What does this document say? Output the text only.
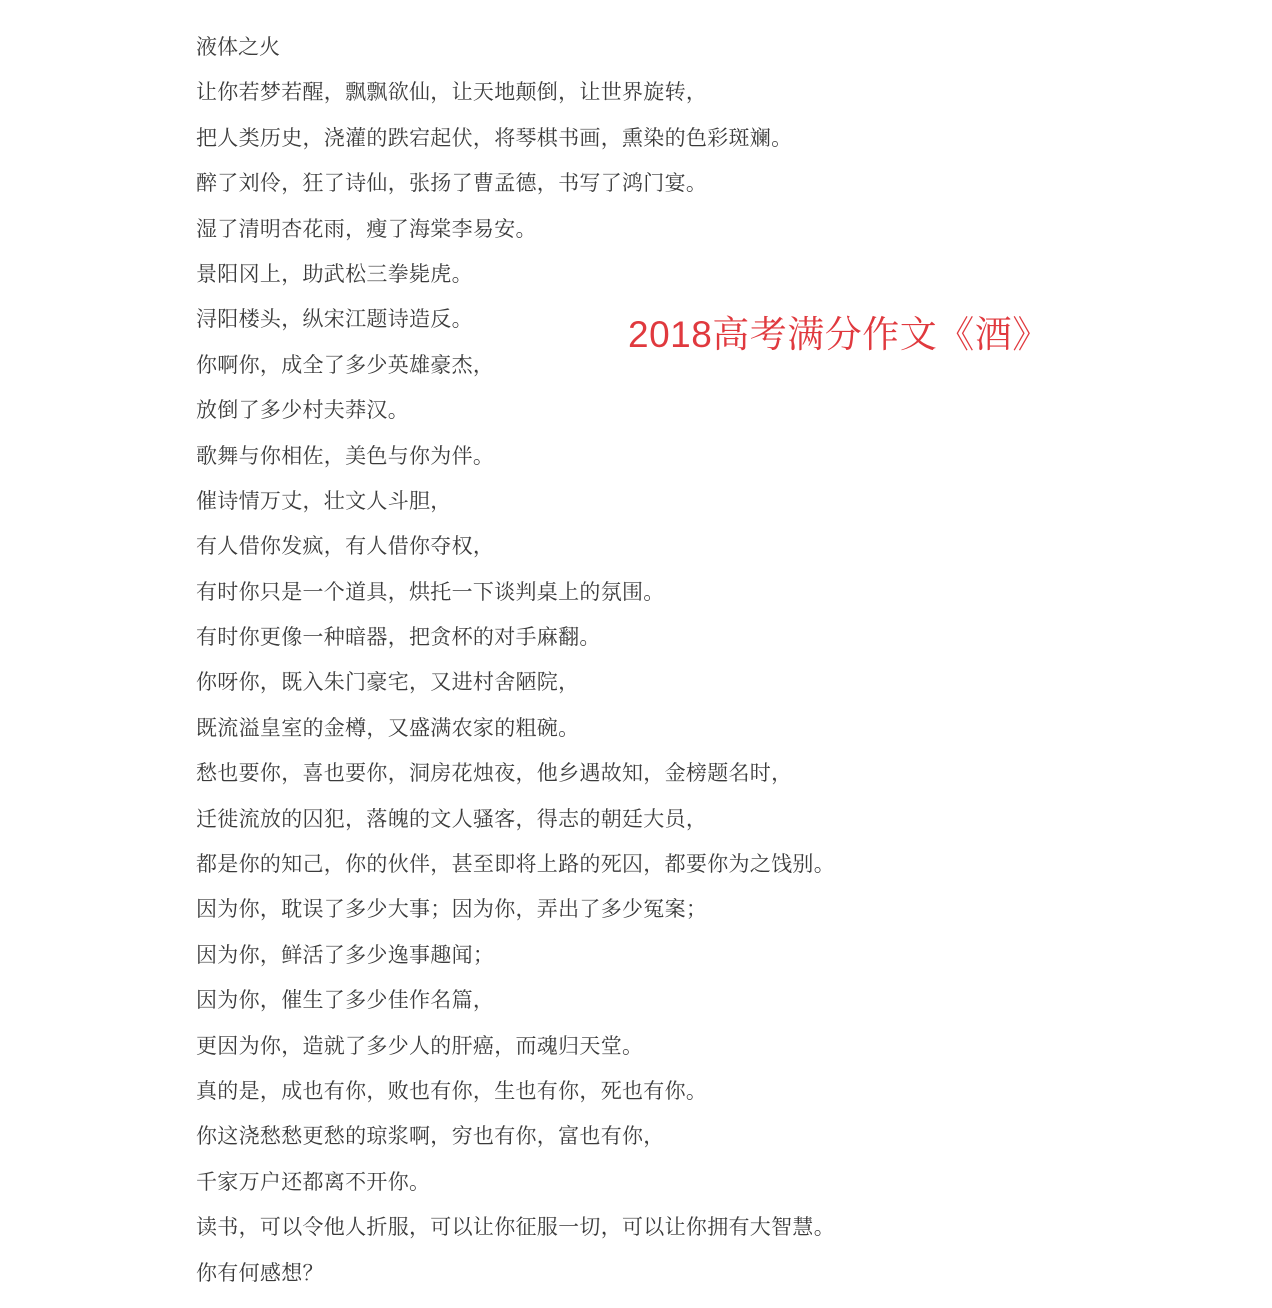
液体之火
让你若梦若醒，飘飘欲仙，让天地颠倒，让世界旋转，
把人类历史，浇灌的跌宕起伏，将琴棋书画，熏染的色彩斑斓。
醉了刘伶，狂了诗仙，张扬了曹孟德，书写了鸿门宴。
湿了清明杏花雨，瘦了海棠李易安。
景阳冈上，助武松三拳毙虎。
浔阳楼头，纵宋江题诗造反。
你啊你，成全了多少英雄豪杰，
放倒了多少村夫莽汉。
歌舞与你相佐，美色与你为伴。
催诗情万丈，壮文人斗胆，
有人借你发疯，有人借你夺权，
有时你只是一个道具，烘托一下谈判桌上的氛围。
有时你更像一种暗器，把贪杯的对手麻翻。
你呀你，既入朱门豪宅，又进村舍陋院，
既流溢皇室的金樽，又盛满农家的粗碗。
愁也要你，喜也要你，洞房花烛夜，他乡遇故知，金榜题名时，
迁徙流放的囚犯，落魄的文人骚客，得志的朝廷大员，
都是你的知己，你的伙伴，甚至即将上路的死囚，都要你为之饯别。
因为你，耽误了多少大事；因为你，弄出了多少冤案；
因为你，鲜活了多少逸事趣闻；
因为你，催生了多少佳作名篇，
更因为你，造就了多少人的肝癌，而魂归天堂。
真的是，成也有你，败也有你，生也有你，死也有你。
你这浇愁愁更愁的琼浆啊，穷也有你，富也有你，
千家万户还都离不开你。
读书，可以令他人折服，可以让你征服一切，可以让你拥有大智慧。
你有何感想？
2018高考满分作文《酒》
